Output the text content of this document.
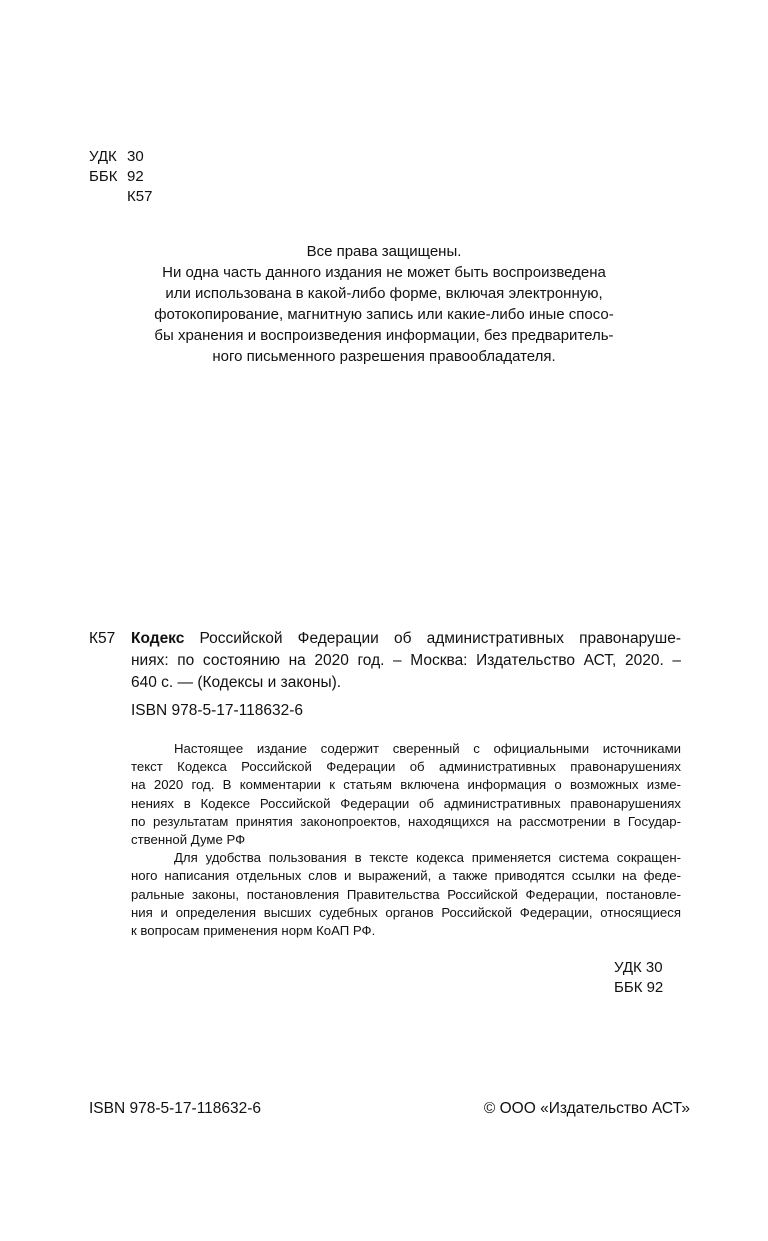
УДК 30
ББК 92
К57
Все права защищены.
Ни одна часть данного издания не может быть воспроизведена
или использована в какой-либо форме, включая электронную,
фотокопирование, магнитную запись или какие-либо иные спосо-
бы хранения и воспроизведения информации, без предваритель-
ного письменного разрешения правообладателя.
К57 Кодекс Российской Федерации об административных правонаруше-
ниях: по состоянию на 2020 год. – Москва: Издательство АСТ, 2020. –
640 с. — (Кодексы и законы).
ISBN 978-5-17-118632-6
Настоящее издание содержит сверенный с официальными источниками
текст Кодекса Российской Федерации об административных правонарушениях
на 2020 год. В комментарии к статьям включена информация о возможных изме-
нениях в Кодексе Российской Федерации об административных правонарушениях
по результатам принятия законопроектов, находящихся на рассмотрении в Государ-
ственной Думе РФ
Для удобства пользования в тексте кодекса применяется система сокращен-
ного написания отдельных слов и выражений, а также приводятся ссылки на феде-
ральные законы, постановления Правительства Российской Федерации, постановле-
ния и определения высших судебных органов Российской Федерации, относящиеся
к вопросам применения норм КоАП РФ.
УДК 30
ББК 92
ISBN 978-5-17-118632-6	© ООО «Издательство АСТ»
